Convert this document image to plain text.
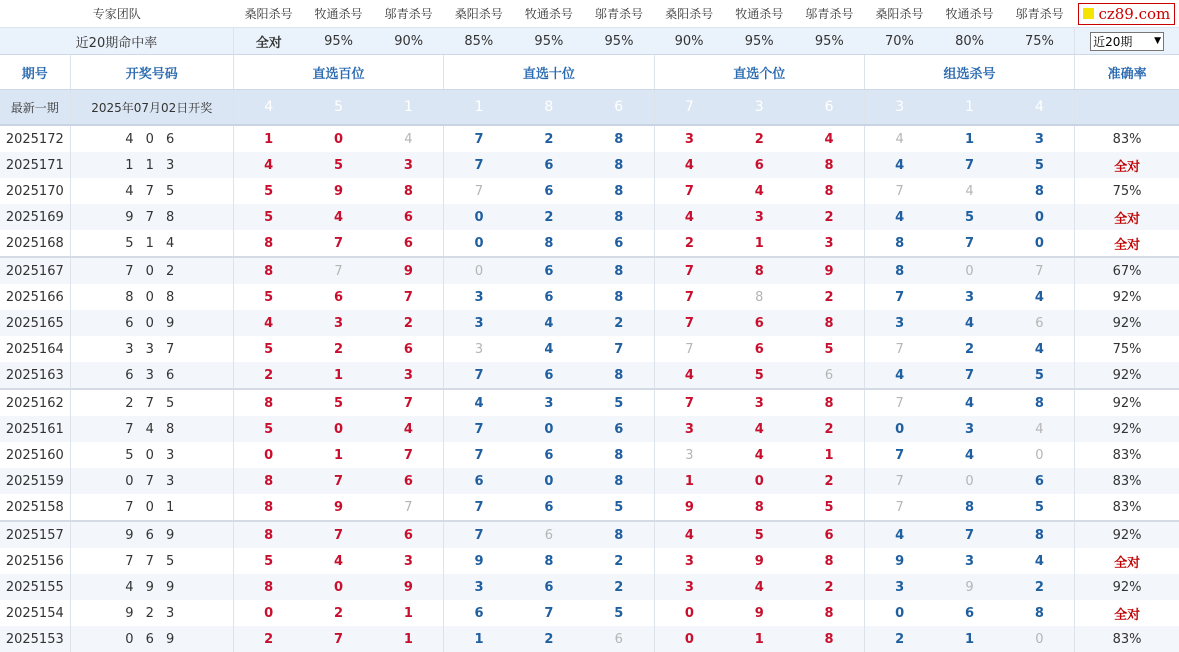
专家团队		桑阳杀号	牧通杀号	邬青杀号	桑阳杀号	牧通杀号	邬青杀号	桑阳杀号	牧通杀号	邬青杀号	桑阳杀号	牧通杀号	邬青杀号	cz89.com

近20期命中率		全对	95%	90%	85%	95%	95%	90%	95%	95%	70%	80%	75%	近20期 ▼

期号	开奖号码	直选百位			直选十位			直选个位			组选杀号			准确率
最新一期	2025年07月02日开奖	4	5	1	1	8	6	7	3	6	3	1	4	
2025172	4 0 6	1	0	4	7	2	8	3	2	4	4	1	3	83%
2025171	1 1 3	4	5	3	7	6	8	4	6	8	4	7	5	全对
2025170	4 7 5	5	9	8	7	6	8	7	4	8	7	4	8	75%
2025169	9 7 8	5	4	6	0	2	8	4	3	2	4	5	0	全对
2025168	5 1 4	8	7	6	0	8	6	2	1	3	8	7	0	全对
2025167	7 0 2	8	7	9	0	6	8	7	8	9	8	0	7	67%
2025166	8 0 8	5	6	7	3	6	8	7	8	2	7	3	4	92%
2025165	6 0 9	4	3	2	3	4	2	7	6	8	3	4	6	92%
2025164	3 3 7	5	2	6	3	4	7	7	6	5	7	2	4	75%
2025163	6 3 6	2	1	3	7	6	8	4	5	6	4	7	5	92%
2025162	2 7 5	8	5	7	4	3	5	7	3	8	7	4	8	92%
2025161	7 4 8	5	0	4	7	0	6	3	4	2	0	3	4	92%
2025160	5 0 3	0	1	7	7	6	8	3	4	1	7	4	0	83%
2025159	0 7 3	8	7	6	6	0	8	1	0	2	7	0	6	83%
2025158	7 0 1	8	9	7	7	6	5	9	8	5	7	8	5	83%
2025157	9 6 9	8	7	6	7	6	8	4	5	6	4	7	8	92%
2025156	7 7 5	5	4	3	9	8	2	3	9	8	9	3	4	全对
2025155	4 9 9	8	0	9	3	6	2	3	4	2	3	9	2	92%
2025154	9 2 3	0	2	1	6	7	5	0	9	8	0	6	8	全对
2025153	0 6 9	2	7	1	1	2	6	0	1	8	2	1	0	83%
